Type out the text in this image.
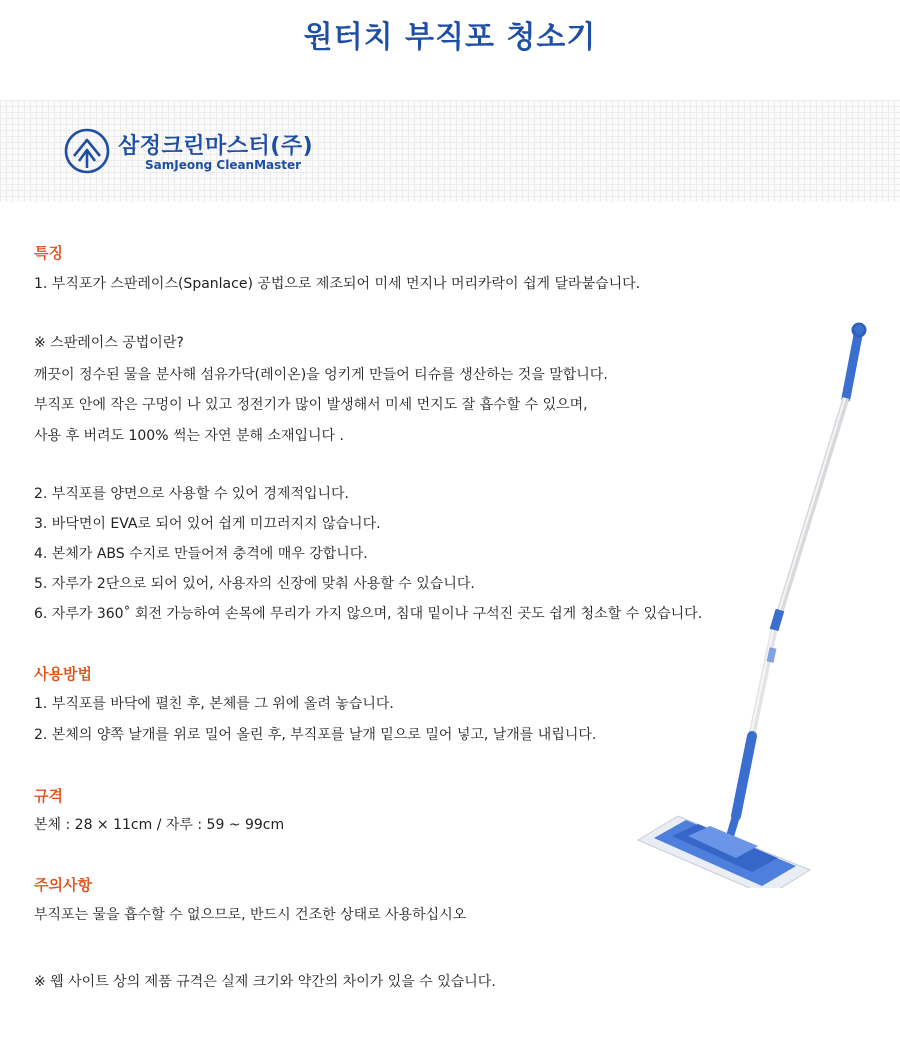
원터치 부직포 청소기
삼정크린마스터(주)
SamJeong CleanMaster
특징
1. 부직포가 스판레이스(Spanlace) 공법으로 제조되어 미세 먼지나 머리카락이 쉽게 달라붙습니다.
※ 스판레이스 공법이란?
깨끗이 정수된 물을 분사해 섬유가닥(레이온)을 엉키게 만들어 티슈를 생산하는 것을 말합니다.
부직포 안에 작은 구멍이 나 있고 정전기가 많이 발생해서 미세 먼지도 잘 흡수할 수 있으며,
사용 후 버려도 100% 썩는 자연 분해 소재입니다 .
2. 부직포를 양면으로 사용할 수 있어 경제적입니다.
3. 바닥면이 EVA로 되어 있어 쉽게 미끄러지지 않습니다.
4. 본체가 ABS 수지로 만들어져 충격에 매우 강합니다.
5. 자루가 2단으로 되어 있어, 사용자의 신장에 맞춰 사용할 수 있습니다.
6. 자루가 360˚ 회전 가능하여 손목에 무리가 가지 않으며, 침대 밑이나 구석진 곳도 쉽게 청소할 수 있습니다.
사용방법
1. 부직포를 바닥에 펼친 후, 본체를 그 위에 올려 놓습니다.
2. 본체의 양쪽 날개를 위로 밀어 올린 후, 부직포를 날개 밑으로 밀어 넣고, 날개를 내립니다.
규격
본체 : 28 × 11cm / 자루 : 59 ~ 99cm
주의사항
부직포는 물을 흡수할 수 없으므로, 반드시 건조한 상태로 사용하십시오
※ 웹 사이트 상의 제품 규격은 실제 크기와 약간의 차이가 있을 수 있습니다.
